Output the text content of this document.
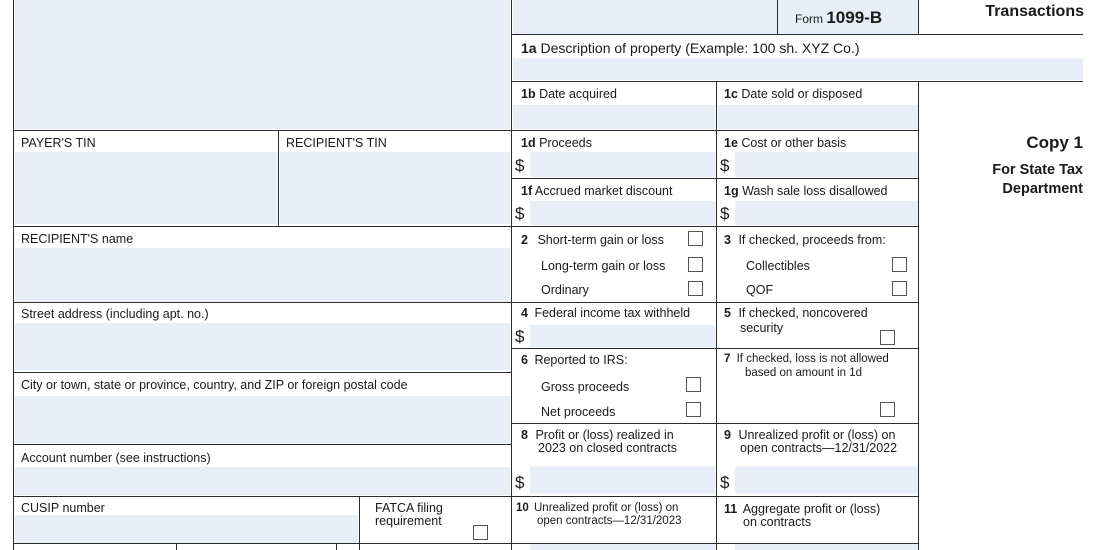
Form 1099-B	Transactions
Copy 1
For State Tax
Department
1a Description of property (Example: 100 sh. XYZ Co.)
1b Date acquired	1c Date sold or disposed
PAYER'S TIN	RECIPIENT'S TIN
RECIPIENT'S name
Street address (including apt. no.)
City or town, state or province, country, and ZIP or foreign postal code
Account number (see instructions)
CUSIP number	FATCA filing
requirement
1d Proceeds
$
1e Cost or other basis
$
1f Accrued market discount
$
1g Wash sale loss disallowed
$
2 Short-term gain or loss
Long-term gain or loss
Ordinary
3 If checked, proceeds from:
Collectibles
QOF
4 Federal income tax withheld
$
5 If checked, noncovered
security
6 Reported to IRS:
Gross proceeds
Net proceeds
7 If checked, loss is not allowed
based on amount in 1d
8 Profit or (loss) realized in
2023 on closed contracts
$
9 Unrealized profit or (loss) on
open contracts—12/31/2022
$
10 Unrealized profit or (loss) on
open contracts—12/31/2023
11 Aggregate profit or (loss)
on contracts
